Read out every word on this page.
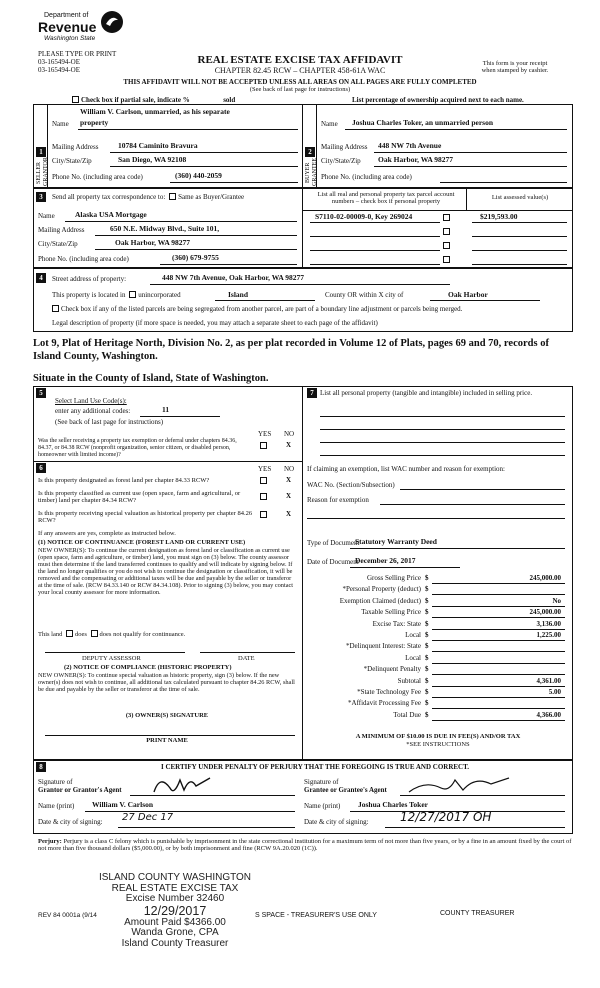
Department of
Revenue
Washington State
PLEASE TYPE OR PRINT
03-165494-OE
03-165494-OE
REAL ESTATE EXCISE TAX AFFIDAVIT
CHAPTER 82.45 RCW – CHAPTER 458-61A WAC
This form is your receipt
when stamped by cashier.
THIS AFFIDAVIT WILL NOT BE ACCEPTED UNLESS ALL AREAS ON ALL PAGES ARE FULLY COMPLETED
(See back of last page for instructions)
Check box if partial sale, indicate %	sold	List percentage of ownership acquired next to each name.
1
SELLER GRANTOR
Name
William V. Carlson, unmarried, as his separate
property
Mailing Address	10784 Caminito Bravura
City/State/Zip	San Diego, WA 92108
Phone No. (including area code)	(360) 440-2059
2
BUYER GRANTEE
Name Joshua Charles Toker, an unmarried person
Mailing Address 448 NW 7th Avenue
City/State/Zip Oak Harbor, WA 98277
Phone No. (including area code)
3	Send all property tax correspondence to: Same as Buyer/Grantee
Name	Alaska USA Mortgage
Mailing Address	650 N.E. Midway Blvd., Suite 101,
City/State/Zip	Oak Harbor, WA 98277
Phone No. (including area code)	(360) 679-9755
List all real and personal property tax parcel account numbers – check box if personal property
List assessed value(s)
S7110-02-00009-0, Key 269024	$219,593.00
4	Street address of property:	448 NW 7th Avenue, Oak Harbor, WA 98277
This property is located in unincorporated	Island	County OR within X city of	Oak Harbor
Check box if any of the listed parcels are being segregated from another parcel, are part of a boundary line adjustment or parcels being merged.
Legal description of property (if more space is needed, you may attach a separate sheet to each page of the affidavit)
Lot 9, Plat of Heritage North, Division No. 2, as per plat recorded in Volume 12 of Plats, pages 69 and 70, records of Island County, Washington.
Situate in the County of Island, State of Washington.
5
Select Land Use Code(s):
enter any additional codes:	11
(See back of last page for instructions)
YES NO
Was the seller receiving a property tax exemption or deferral under chapters 84.36, 84.37, or 84.38 RCW (nonprofit organization, senior citizen, or disabled person, homeowner with limited income)?
X
6	YES NO
Is this property designated as forest land per chapter 84.33 RCW?	X
Is this property classified as current use (open space, farm and agricultural, or timber) land per chapter 84.34 RCW?
X
Is this property receiving special valuation as historical property per chapter 84.26 RCW?
X
If any answers are yes, complete as instructed below.
(1) NOTICE OF CONTINUANCE (FOREST LAND OR CURRENT USE)
NEW OWNER(S): To continue the current designation as forest land or classification as current use (open space, farm and agriculture, or timber) land, you must sign on (3) below. The county assessor must then determine if the land transferred continues to qualify and will indicate by signing below. If the land no longer qualifies or you do not wish to continue the designation or classification, it will be removed and the compensating or additional taxes will be due and payable by the seller or transferor at the time of sale. (RCW 84.33.140 or RCW 84.34.108). Prior to signing (3) below, you may contact your local county assessor for more information.
This land does does not qualify for continuance.
DEPUTY ASSESSOR	DATE
(2) NOTICE OF COMPLIANCE (HISTORIC PROPERTY)
NEW OWNER(S): To continue special valuation as historic property, sign (3) below. If the new owner(s) does not wish to continue, all additional tax calculated pursuant to chapter 84.26 RCW, shall be due and payable by the seller or transferor at the time of sale.
(3) OWNER(S) SIGNATURE
PRINT NAME
7 List all personal property (tangible and intangible) included in selling price.
If claiming an exemption, list WAC number and reason for exemption:
WAC No. (Section/Subsection)
Reason for exemption
Type of Document
Statutory Warranty Deed
Date of Document
December 26, 2017
Gross Selling Price $	245,000.00
*Personal Property (deduct) $
Exemption Claimed (deduct) $	No
Taxable Selling Price $	245,000.00
Excise Tax: State $	3,136.00
Local $	1,225.00
*Delinquent Interest: State $
Local $
*Delinquent Penalty $
Subtotal $	4,361.00
*State Technology Fee $	5.00
*Affidavit Processing Fee $
Total Due $	4,366.00
A MINIMUM OF $10.00 IS DUE IN FEE(S) AND/OR TAX
*SEE INSTRUCTIONS
8	I CERTIFY UNDER PENALTY OF PERJURY THAT THE FOREGOING IS TRUE AND CORRECT.
Signature of
Grantor or Grantor's Agent
Signature of
Grantee or Grantee's Agent
Name (print) William V. Carlson	Name (print) Joshua Charles Toker
Date & city of signing: 27 Dec 17	Date & city of signing:	12/27/2017 OH
Perjury: Perjury is a class C felony which is punishable by imprisonment in the state correctional institution for a maximum term of not more than five years, or by a fine in an amount fixed by the court of not more than five thousand dollars ($5,000.00), or by both imprisonment and fine (RCW 9A.20.020 (1C)).
ISLAND COUNTY WASHINGTON
REAL ESTATE EXCISE TAX
Excise Number 32460
12/29/2017
Amount Paid $4366.00
Wanda Grone, CPA
Island County Treasurer
REV 84 0001a (9/14	S SPACE - TREASURER'S USE ONLY	COUNTY TREASURER
